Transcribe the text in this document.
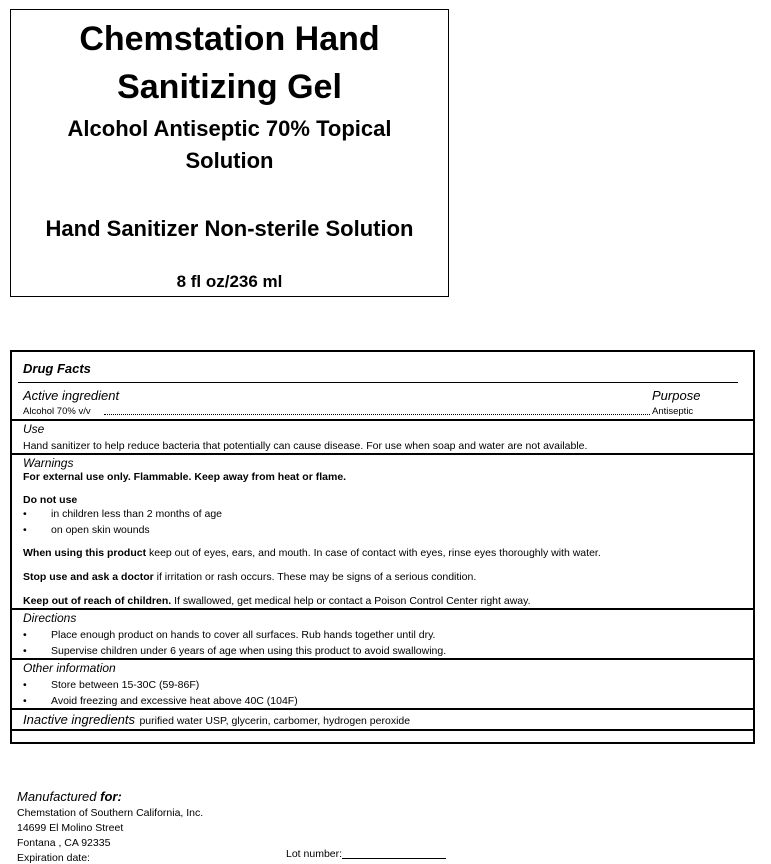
Chemstation Hand
Sanitizing Gel
Alcohol Antiseptic 70% Topical
Solution
Hand Sanitizer Non-sterile Solution
8 fl oz/236 ml
Drug Facts
Active ingredient	Purpose
Alcohol 70% v/v	Antiseptic
Use
Hand sanitizer to help reduce bacteria that potentially can cause disease. For use when soap and water are not available.
Warnings
For external use only. Flammable. Keep away from heat or flame.
Do not use
• in children less than 2 months of age
• on open skin wounds
When using this product keep out of eyes, ears, and mouth. In case of contact with eyes, rinse eyes thoroughly with water.
Stop use and ask a doctor if irritation or rash occurs. These may be signs of a serious condition.
Keep out of reach of children. If swallowed, get medical help or contact a Poison Control Center right away.
Directions
• Place enough product on hands to cover all surfaces. Rub hands together until dry.
• Supervise children under 6 years of age when using this product to avoid swallowing.
Other information
• Store between 15-30C (59-86F)
• Avoid freezing and excessive heat above 40C (104F)
Inactive ingredients purified water USP, glycerin, carbomer, hydrogen peroxide
Manufactured for:
Chemstation of Southern California, Inc.
14699 El Molino Street
Fontana , CA 92335
Expiration date:	Lot number:
